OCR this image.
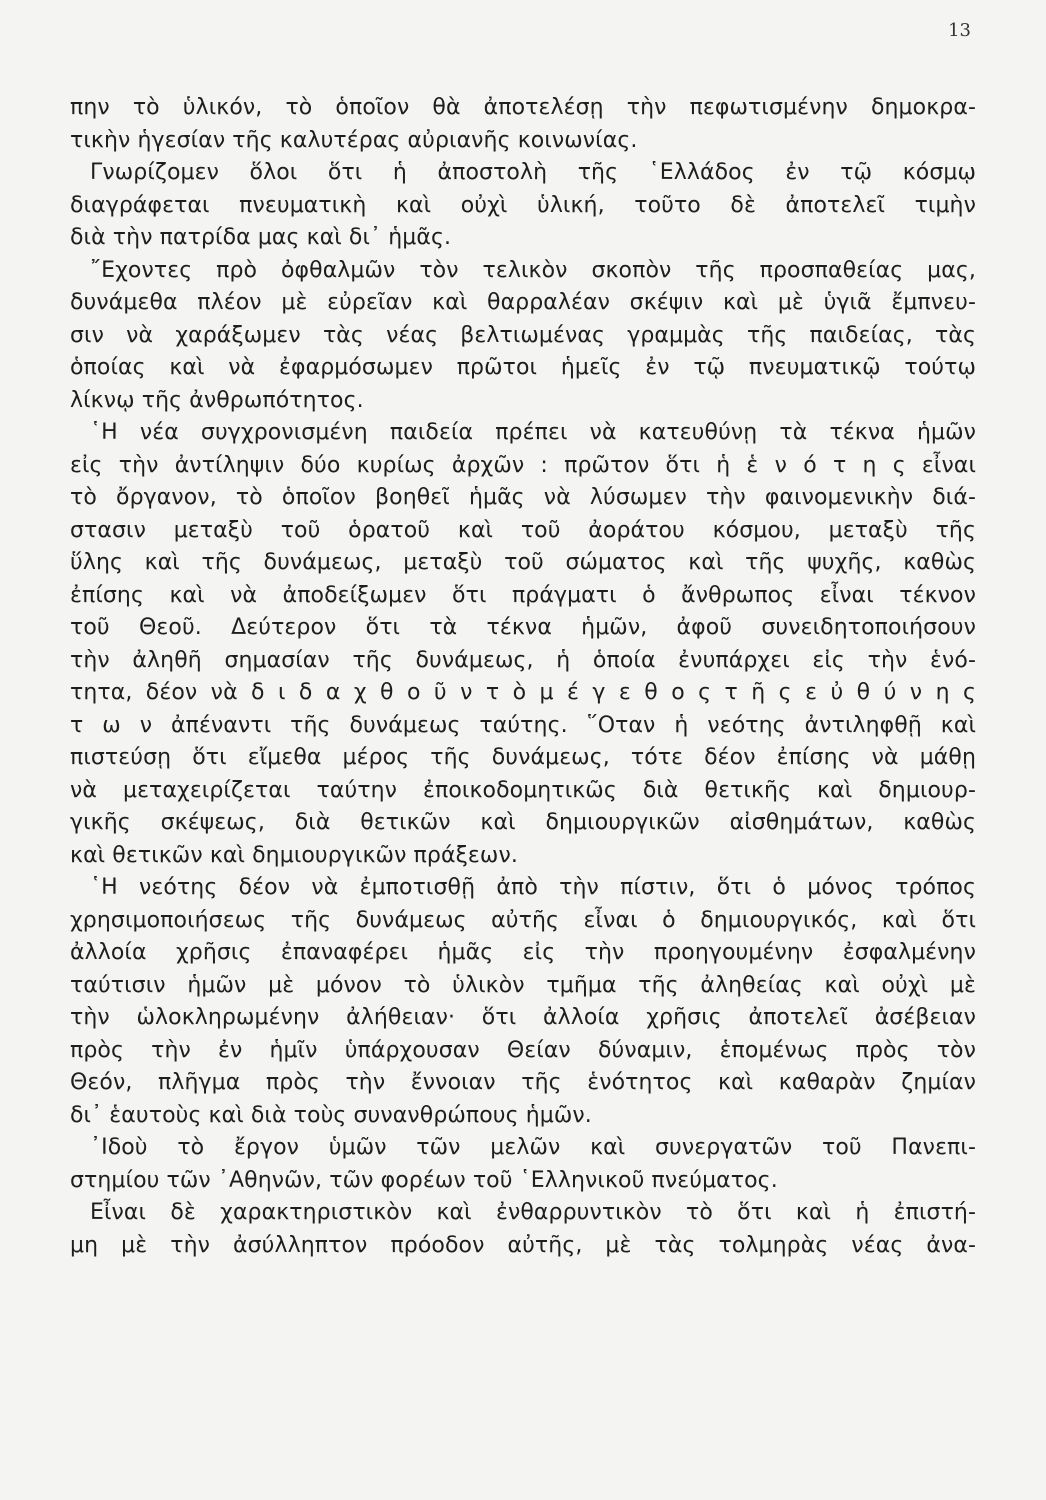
13
πην τὸ ὑλικόν, τὸ ὁποῖον θὰ ἀποτελέσῃ τὴν πεφωτισμένην δημοκρα-
τικὴν ἡγεσίαν τῆς καλυτέρας αὐριανῆς κοινωνίας.
Γνωρίζομεν ὅλοι ὅτι ἡ ἀποστολὴ τῆς ῾Ελλάδος ἐν τῷ κόσμῳ
διαγράφεται πνευματικὴ καὶ οὐχὶ ὑλική, τοῦτο δὲ ἀποτελεῖ τιμὴν
διὰ τὴν πατρίδα μας καὶ δι᾽ ἡμᾶς.
῎Εχοντες πρὸ ὀφθαλμῶν τὸν τελικὸν σκοπὸν τῆς προσπαθείας μας,
δυνάμεθα πλέον μὲ εὐρεῖαν καὶ θαρραλέαν σκέψιν καὶ μὲ ὑγιᾶ ἔμπνευ-
σιν νὰ χαράξωμεν τὰς νέας βελτιωμένας γραμμὰς τῆς παιδείας, τὰς
ὁποίας καὶ νὰ ἐφαρμόσωμεν πρῶτοι ἡμεῖς ἐν τῷ πνευματικῷ τούτῳ
λίκνῳ τῆς ἀνθρωπότητος.
῾Η νέα συγχρονισμένη παιδεία πρέπει νὰ κατευθύνῃ τὰ τέκνα ἡμῶν
εἰς τὴν ἀντίληψιν δύο κυρίως ἀρχῶν : πρῶτον ὅτι ἡ ἑ ν ό τ η ς εἶναι
τὸ ὄργανον, τὸ ὁποῖον βοηθεῖ ἡμᾶς νὰ λύσωμεν τὴν φαινομενικὴν διά-
στασιν μεταξὺ τοῦ ὁρατοῦ καὶ τοῦ ἀοράτου κόσμου, μεταξὺ τῆς
ὕλης καὶ τῆς δυνάμεως, μεταξὺ τοῦ σώματος καὶ τῆς ψυχῆς, καθὼς
ἐπίσης καὶ νὰ ἀποδείξωμεν ὅτι πράγματι ὁ ἄνθρωπος εἶναι τέκνον
τοῦ Θεοῦ. Δεύτερον ὅτι τὰ τέκνα ἡμῶν, ἀφοῦ συνειδητοποιήσουν
τὴν ἀληθῆ σημασίαν τῆς δυνάμεως, ἡ ὁποία ἐνυπάρχει εἰς τὴν ἑνό-
τητα, δέον νὰ δ ι δ α χ θ ο ῦ ν τ ὸ μ έ γ ε θ ο ς τ ῆ ς ε ὐ θ ύ ν η ς
τ ω ν ἀπέναντι τῆς δυνάμεως ταύτης. ῞Οταν ἡ νεότης ἀντιληφθῇ καὶ
πιστεύσῃ ὅτι εἴμεθα μέρος τῆς δυνάμεως, τότε δέον ἐπίσης νὰ μάθῃ
νὰ μεταχειρίζεται ταύτην ἐποικοδομητικῶς διὰ θετικῆς καὶ δημιουρ-
γικῆς σκέψεως, διὰ θετικῶν καὶ δημιουργικῶν αἰσθημάτων, καθὼς
καὶ θετικῶν καὶ δημιουργικῶν πράξεων.
῾Η νεότης δέον νὰ ἐμποτισθῇ ἀπὸ τὴν πίστιν, ὅτι ὁ μόνος τρόπος
χρησιμοποιήσεως τῆς δυνάμεως αὐτῆς εἶναι ὁ δημιουργικός, καὶ ὅτι
ἀλλοία χρῆσις ἐπαναφέρει ἡμᾶς εἰς τὴν προηγουμένην ἐσφαλμένην
ταύτισιν ἡμῶν μὲ μόνον τὸ ὑλικὸν τμῆμα τῆς ἀληθείας καὶ οὐχὶ μὲ
τὴν ὡλοκληρωμένην ἀλήθειαν· ὅτι ἀλλοία χρῆσις ἀποτελεῖ ἀσέβειαν
πρὸς τὴν ἐν ἡμῖν ὑπάρχουσαν Θείαν δύναμιν, ἑπομένως πρὸς τὸν
Θεόν, πλῆγμα πρὸς τὴν ἔννοιαν τῆς ἑνότητος καὶ καθαρὰν ζημίαν
δι᾽ ἑαυτοὺς καὶ διὰ τοὺς συνανθρώπους ἡμῶν.
᾽Ιδοὺ τὸ ἔργον ὑμῶν τῶν μελῶν καὶ συνεργατῶν τοῦ Πανεπι-
στημίου τῶν ᾽Αθηνῶν, τῶν φορέων τοῦ ῾Ελληνικοῦ πνεύματος.
Εἶναι δὲ χαρακτηριστικὸν καὶ ἐνθαρρυντικὸν τὸ ὅτι καὶ ἡ ἐπιστή-
μη μὲ τὴν ἀσύλληπτον πρόοδον αὐτῆς, μὲ τὰς τολμηρὰς νέας ἀνα-
